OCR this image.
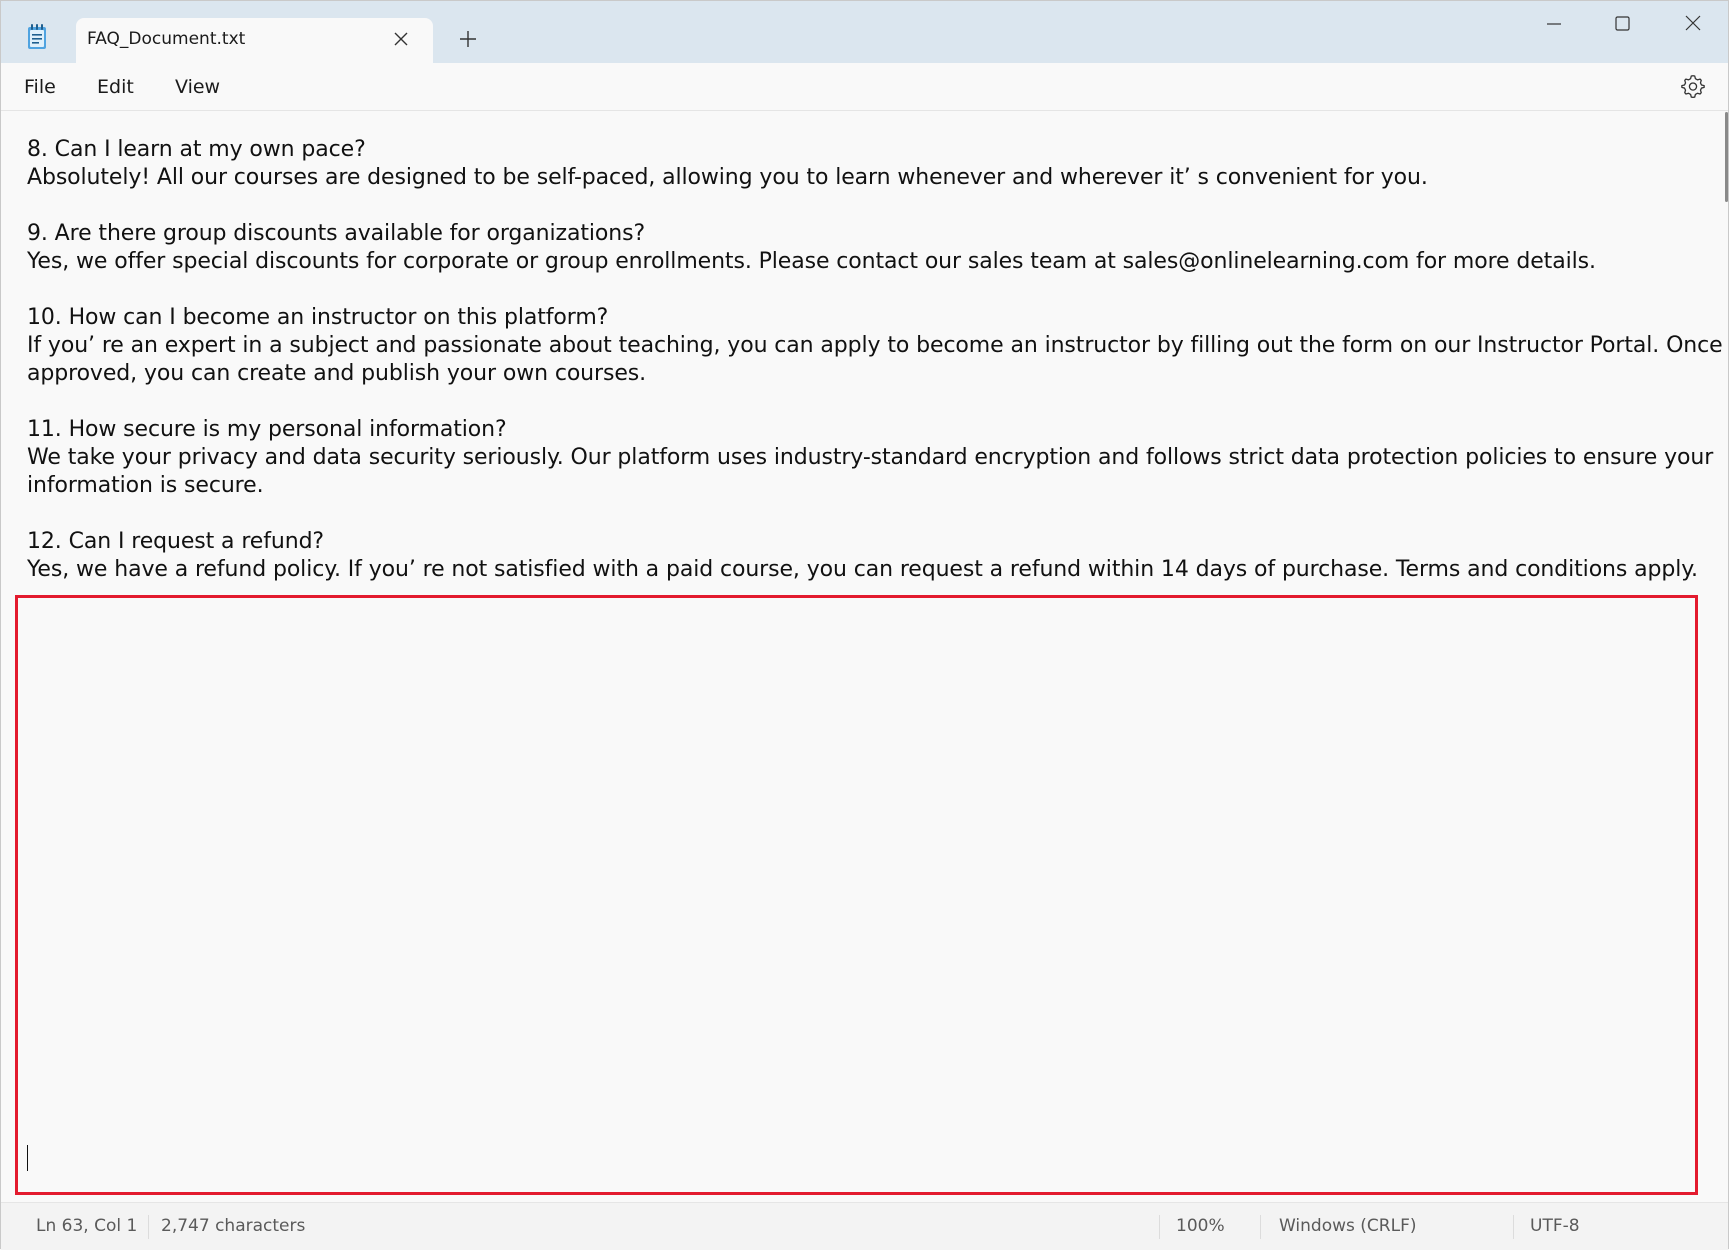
FAQ_Document.txt
File Edit View
8. Can I learn at my own pace?
Absolutely! All our courses are designed to be self-paced, allowing you to learn whenever and wherever it’ s convenient for you.
9. Are there group discounts available for organizations?
Yes, we offer special discounts for corporate or group enrollments. Please contact our sales team at sales@onlinelearning.com for more details.
10. How can I become an instructor on this platform?
If you’ re an expert in a subject and passionate about teaching, you can apply to become an instructor by filling out the form on our Instructor Portal. Once
approved, you can create and publish your own courses.
11. How secure is my personal information?
We take your privacy and data security seriously. Our platform uses industry-standard encryption and follows strict data protection policies to ensure your
information is secure.
12. Can I request a refund?
Yes, we have a refund policy. If you’ re not satisfied with a paid course, you can request a refund within 14 days of purchase. Terms and conditions apply.
Ln 63, Col 1 2,747 characters	100%	Windows (CRLF)	UTF-8
